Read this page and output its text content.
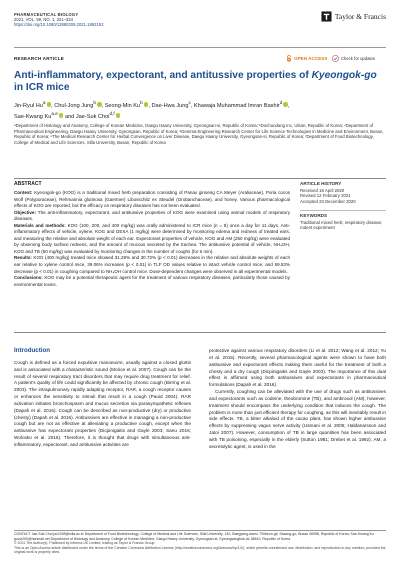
PHARMACEUTICAL BIOLOGY
2021, VOL. 59, NO. 1, 321–334
https://doi.org/10.1080/13880209.2021.1892153
Taylor & Francis
RESEARCH ARTICLE	OPEN ACCESS	Check for updates
Anti-inflammatory, expectorant, and antitussive properties of Kyeongok-go in ICR mice
Jin-Ryul Hu$^a$, Chul-Jong Jung$^b$, Seong-Min Ku$^b$, Dae-Hwa Jung$^c$, Khawaja Muhammad Imran Bashir$^d$,
Sae-Kwang Ku$^{a,e}$ and Jae-Suk Choi$^{d,f}$
ᵃDepartment of Histology and Anatomy, College of Korean Medicine, Daegu Haany University, Gyeongsan-si, Republic of Korea; ᵇDochundang Inc, Ulsan, Republic of Korea; ᶜDepartment of Pharmaceutical Engineering, Daegu Haany University, Gyeongsan, Republic of Korea; ᵈGemma Engineering Research Center for Life Science Technologies in Medicine and Environment, Busan, Republic of Korea; ᵉThe Medical Research Center for Herbal Convergence on Liver Disease, Daegu Haany University, Gyeongsan-si, Republic of Korea; ᶠDepartment of Food Biotechnology, College of Medical and Life Sciences, Silla University, Busan, Republic of Korea
ABSTRACT

Context: Kyeongok-go (KOG) is a traditional mixed herb preparation consisting of Panax ginseng CA Meyer (Araliaceae), Poria cocos Wolf (Polyporaceae), Rehmannia glutinosa (Gaertner) Libosschitz ex Steudel (Orobanchaceae), and honey. Various pharmacological effects of KOG are reported, but the efficacy on respiratory diseases has not been evaluated.
Objective: The anti-inflammatory, expectorant, and antitussive properties of KOG were examined using animal models of respiratory diseases.
Materials and methods: KOG (100, 200, and 400 mg/kg) was orally administered to ICR mice (n = 8) once a day for 11 days. Anti-inflammatory effects of vehicle, xylene, KOG and DEXA (1 mg/kg) were determined by monitoring edema and redness of treated ears, and measuring the relative and absolute weight of each ear. Expectorant properties of vehicle, KOG and AM (250 mg/kg) were evaluated by observing body surface redness, and the amount of mucous secreted by the trachea. The antitussive potential of vehicle, NH₄OH, KOG and TB (50 mg/kg) was evaluated by monitoring changes in the number of coughs (for 6 min).
Results: KOG (400 mg/kg) treated mice showed 31.29% and 30.72% (p < 0.01) decreases in the relative and absolute weights of each ear relative to xylene control mice, 39.06% increases (p < 0.01) in TLF OD values relative to intact vehicle control mice, and 59.53% decrease (p < 0.01) in coughing compared to NH₄OH control mice. Dose-dependent changes were observed in all experimental models.
Conclusions: KOG may be a potential therapeutic agent for the treatment of various respiratory diseases, particularly those caused by environmental toxins.

ARTICLE HISTORY
Received 16 April 2020
Revised 12 February 2021
Accepted 23 December 2020
KEYWORDS
Traditional mixed herb; respiratory disease; rodent experiment
Introduction

Cough is defined as a forced expulsive manoeuvre, usually against a closed glottis and is associated with a characteristic sound (Morice et al. 2007). Cough can be the result of several respiratory tract disorders that may require drug treatment for relief. A patient's quality of life could significantly be affected by chronic cough (Birring et al. 2003). The intrapulmonary rapidly adapting receptor, RAR, a cough receptor causes or enhances the sensitivity to stimuli that result in a cough (Paoid 2004). RAR activation initiates bronchospasm and mucus secretion via parasympathetic reflexes (Dapah et al. 2016). Cough can be described as non-productive (dry) or productive (chesty) (Dapah et al. 2016). Antitussives are effective in managing a non-productive cough but are not as effective at alleviating a productive cough, except when the antitussive has expectorant properties (Dicpinigaitis and Gayle 2003; Sanu 2016; Wolosko et al. 2016). Therefore, it is thought that drugs with simultaneous anti-inflammatory, expectorant, and antitussive activities are

protective against various respiratory disorders (Li et al. 2012; Wang et al. 2012; Yu et al. 2015). Recently, several pharmacological agents were shown to have both antitussive and expectorant effects making them useful for the treatment of both a chesty and a dry cough (Dicpinigaitis and Gayle 2003). The importance of this dual effect is affirmed using both antitussives and expectorants in pharmaceutical formulations (Dapah et al. 2016).

Currently, coughing can be alleviated with the use of drugs such as antitussives and expectorants such as codeine, theobromine (TB), and ambroxol (AM); however, treatment should encompass the underlying condition that induces the cough. The problem is more than just efficient therapy for coughing, as this will inevitably result in side effects. TB, a bitter alkaloid of the cacao plant, has shown higher antitussive effects by suppressing vagus nerve activity (Usmani et al. 2005; Haldanarsson and Jatoi 2007). However, consumption of TB in large quantities has been associated with TB poisoning, especially in the elderly (Sutton 1981; Drebet et al. 1992). AM, a secretolytic agent, is used in the

CONTACT Jae-Suk Choi jsc1008@silla.ac.kr Department of Food Biotechnology, College of Medical and Life Sciences, Silla University, 140, Baegyang-daero 700beon-gil, Sasang-gu, Busan 46958, Republic of Korea; Sae-Kwang Ku gucci200@hanmail.net Department of Histology and Anatomy, College of Korean Medicine, Daegu Haany University, Gyeongsan-si, Gyeongsangbuk-do 38610, Republic of Korea
© 2021 The Author(s). Published by Informa UK Limited, trading as Taylor & Francis Group.
This is an Open Access article distributed under the terms of the Creative Commons Attribution License (http://creativecommons.org/licenses/by/4.0/), which permits unrestricted use, distribution, and reproduction in any medium, provided the original work is properly cited.
